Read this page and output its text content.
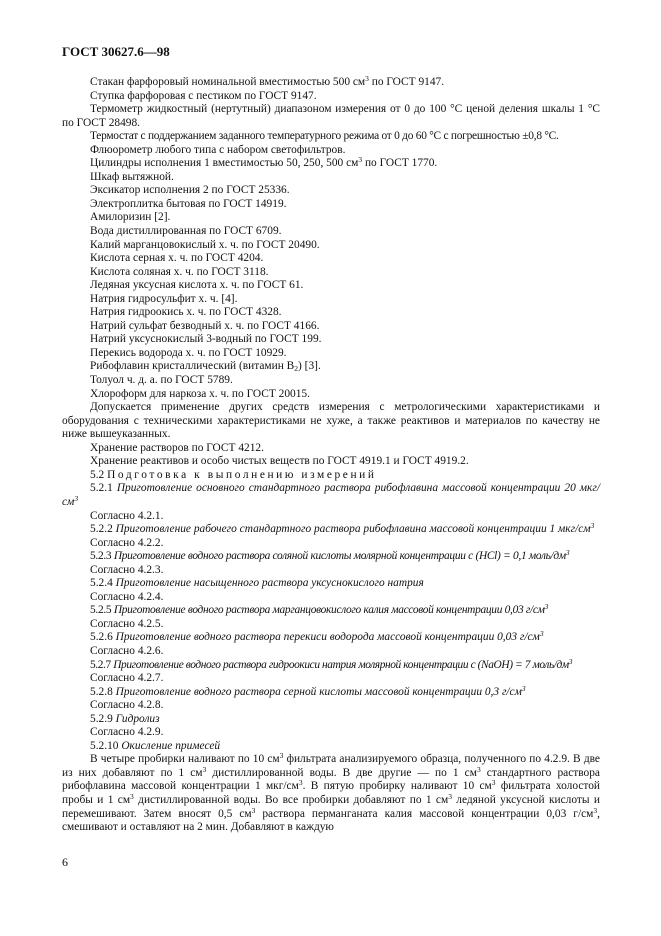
ГОСТ 30627.6—98

Стакан фарфоровый номинальной вместимостью 500 $см^3$ по ГОСТ 9147.

Ступка фарфоровая с пестиком по ГОСТ 9147.

Термометр жидкостный (нертутный) диапазоном измерения от 0 до 100 °С ценой деления шкалы 1 °С по ГОСТ 28498.

Термостат с поддержанием заданного температурного режима от 0 до 60 °С с погрешностью ±0,8 °С.

Флюорометр любого типа с набором светофильтров.

Цилиндры исполнения 1 вместимостью 50, 250, 500 $см^3$ по ГОСТ 1770.

Шкаф вытяжной.

Эксикатор исполнения 2 по ГОСТ 25336.

Электроплитка бытовая по ГОСТ 14919.

Амилоризин [2].

Вода дистиллированная по ГОСТ 6709.

Калий марганцовокислый х. ч. по ГОСТ 20490.

Кислота серная х. ч. по ГОСТ 4204.

Кислота соляная х. ч. по ГОСТ 3118.

Ледяная уксусная кислота х. ч. по ГОСТ 61.

Натрия гидросульфит х. ч. [4].

Натрия гидроокись х. ч. по ГОСТ 4328.

Натрий сульфат безводный х. ч. по ГОСТ 4166.

Натрий уксуснокислый 3-водный по ГОСТ 199.

Перекись водорода х. ч. по ГОСТ 10929.

Рибофлавин кристаллический (витамин $В_2$) [3].

Толуол ч. д. а. по ГОСТ 5789.

Хлороформ для наркоза х. ч. по ГОСТ 20015.

Допускается применение других средств измерения с метрологическими характеристиками и оборудования с техническими характеристиками не хуже, а также реактивов и материалов по качеству не ниже вышеуказанных.

Хранение растворов по ГОСТ 4212.

Хранение реактивов и особо чистых веществ по ГОСТ 4919.1 и ГОСТ 4919.2.

5.2 Подготовка к выполнению измерений

5.2.1 Приготовление основного стандартного раствора рибофлавина массовой концентрации 20 мкг/$см^3$

Согласно 4.2.1.

5.2.2 Приготовление рабочего стандартного раствора рибофлавина массовой концентрации 1 мкг/$см^3$

Согласно 4.2.2.

5.2.3 Приготовление водного раствора соляной кислоты молярной концентрации с (HCl) = 0,1 моль/$дм^3$

Согласно 4.2.3.

5.2.4 Приготовление насыщенного раствора уксуснокислого натрия

Согласно 4.2.4.

5.2.5 Приготовление водного раствора марганцовокислого калия массовой концентрации 0,03 $г/см^3$

Согласно 4.2.5.

5.2.6 Приготовление водного раствора перекиси водорода массовой концентрации 0,03 $г/см^3$

Согласно 4.2.6.

5.2.7 Приготовление водного раствора гидроокиси натрия молярной концентрации с (NaOH) = 7 моль/$дм^3$

Согласно 4.2.7.

5.2.8 Приготовление водного раствора серной кислоты массовой концентрации 0,3 $г/см^3$

Согласно 4.2.8.

5.2.9 Гидролиз

Согласно 4.2.9.

5.2.10 Окисление примесей

В четыре пробирки наливают по 10 $см^3$ фильтрата анализируемого образца, полученного по 4.2.9. В две из них добавляют по 1 $см^3$ дистиллированной воды. В две другие — по 1 $см^3$ стандартного раствора рибофлавина массовой концентрации 1 мкг/$см^3$. В пятую пробирку наливают 10 $см^3$ фильтрата холостой пробы и 1 $см^3$ дистиллированной воды. Во все пробирки добавляют по 1 $см^3$ ледяной уксусной кислоты и перемешивают. Затем вносят 0,5 $см^3$ раствора перманганата калия массовой концентрации 0,03 $г/см^3$, смешивают и оставляют на 2 мин. Добавляют в каждую

6
